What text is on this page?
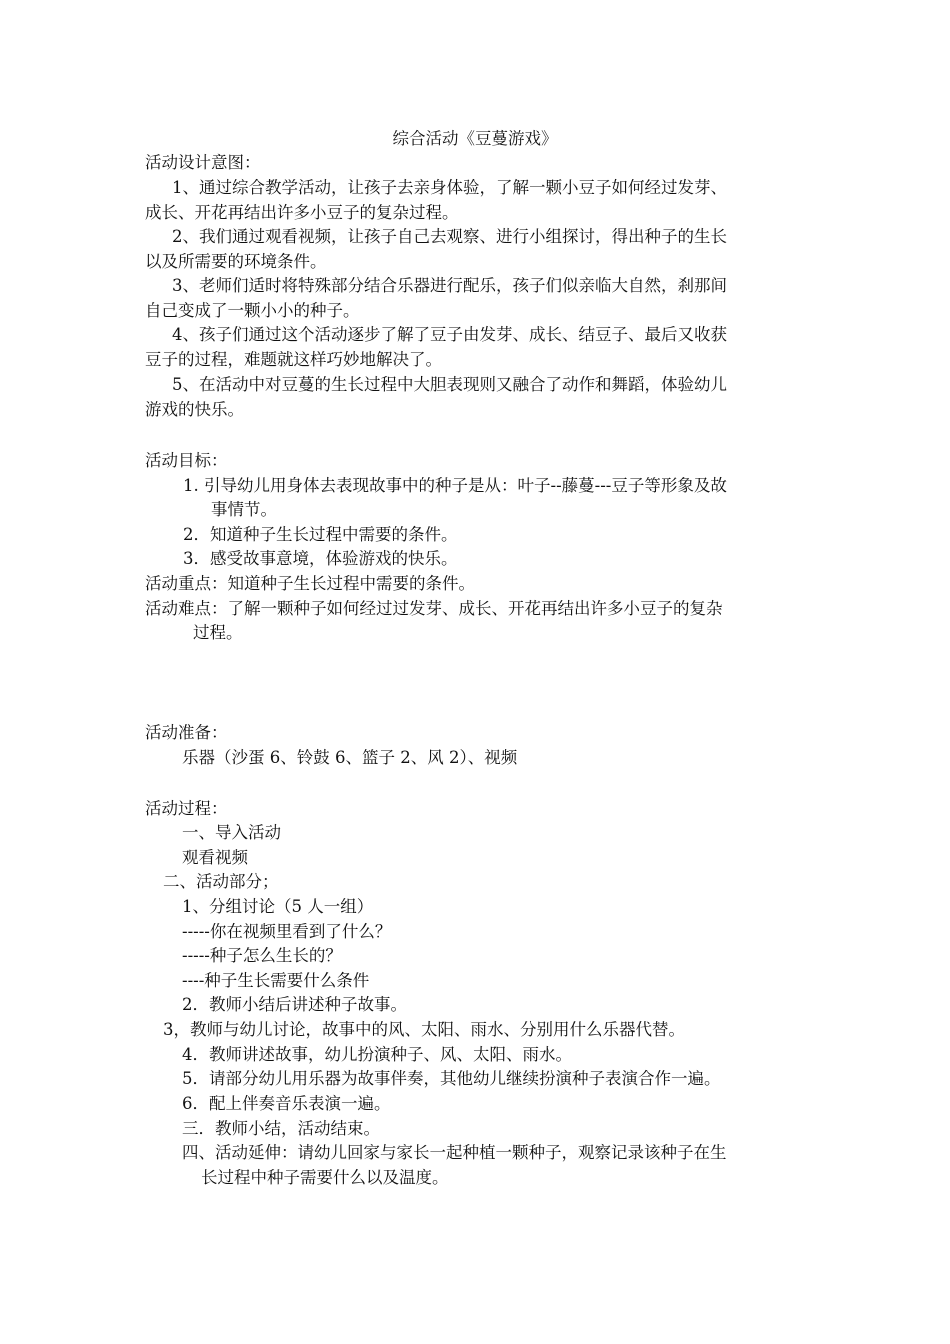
综合活动《豆蔓游戏》
活动设计意图：
1、通过综合教学活动，让孩子去亲身体验，了解一颗小豆子如何经过发芽、
成长、开花再结出许多小豆子的复杂过程。
2、我们通过观看视频，让孩子自己去观察、进行小组探讨，得出种子的生长
以及所需要的环境条件。
3、老师们适时将特殊部分结合乐器进行配乐，孩子们似亲临大自然，刹那间
自己变成了一颗小小的种子。
4、孩子们通过这个活动逐步了解了豆子由发芽、成长、结豆子、最后又收获
豆子的过程，难题就这样巧妙地解决了。
5、在活动中对豆蔓的生长过程中大胆表现则又融合了动作和舞蹈，体验幼儿
游戏的快乐。
活动目标：
1. 引导幼儿用身体去表现故事中的种子是从：叶子--藤蔓---豆子等形象及故
事情节。
2．知道种子生长过程中需要的条件。
3．感受故事意境，体验游戏的快乐。
活动重点：知道种子生长过程中需要的条件。
活动难点：了解一颗种子如何经过过发芽、成长、开花再结出许多小豆子的复杂
过程。
活动准备：
乐器（沙蛋 6、铃鼓 6、篮子 2、风 2）、视频
活动过程：
一、导入活动
观看视频
二、活动部分；
1、分组讨论（5 人一组）
-----你在视频里看到了什么？
-----种子怎么生长的？
----种子生长需要什么条件
2．教师小结后讲述种子故事。
3，教师与幼儿讨论，故事中的风、太阳、雨水、分别用什么乐器代替。
4．教师讲述故事，幼儿扮演种子、风、太阳、雨水。
5．请部分幼儿用乐器为故事伴奏，其他幼儿继续扮演种子表演合作一遍。
6．配上伴奏音乐表演一遍。
三．教师小结，活动结束。
四、活动延伸：请幼儿回家与家长一起种植一颗种子，观察记录该种子在生
长过程中种子需要什么以及温度。
